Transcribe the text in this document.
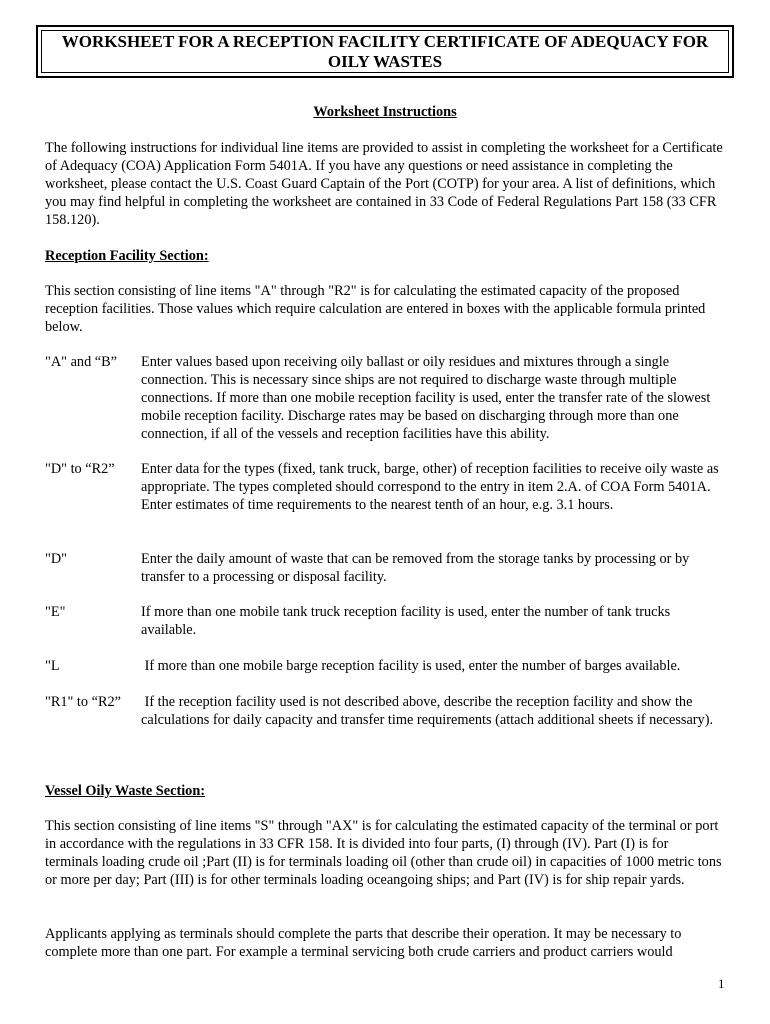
WORKSHEET FOR A RECEPTION FACILITY CERTIFICATE OF ADEQUACY FOR
OILY WASTES
Worksheet Instructions
The following instructions for individual line items are provided to assist in completing the worksheet for a Certificate of Adequacy (COA) Application Form 5401A. If you have any questions or need assistance in completing the worksheet, please contact the U.S. Coast Guard Captain of the Port (COTP) for your area. A list of definitions, which you may find helpful in completing the worksheet are contained in 33 Code of Federal Regulations Part 158 (33 CFR 158.120).
Reception Facility Section:
This section consisting of line items "A" through "R2" is for calculating the estimated capacity of the proposed reception facilities. Those values which require calculation are entered in boxes with the applicable formula printed below.
"A" and “B”	Enter values based upon receiving oily ballast or oily residues and mixtures through a single connection. This is necessary since ships are not required to discharge waste through multiple connections. If more than one mobile reception facility is used, enter the transfer rate of the slowest mobile reception facility. Discharge rates may be based on discharging through more than one connection, if all of the vessels and reception facilities have this ability.
"D" to “R2”	Enter data for the types (fixed, tank truck, barge, other) of reception facilities to receive oily waste as appropriate. The types completed should correspond to the entry in item 2.A. of COA Form 5401A. Enter estimates of time requirements to the nearest tenth of an hour, e.g. 3.1 hours.
"D"	Enter the daily amount of waste that can be removed from the storage tanks by processing or by transfer to a processing or disposal facility.
"E"	If more than one mobile tank truck reception facility is used, enter the number of tank trucks available.
"L	If more than one mobile barge reception facility is used, enter the number of barges available.
"R1" to “R2”	If the reception facility used is not described above, describe the reception facility and show the calculations for daily capacity and transfer time requirements (attach additional sheets if necessary).
Vessel Oily Waste Section:
This section consisting of line items "S" through "AX" is for calculating the estimated capacity of the terminal or port in accordance with the regulations in 33 CFR 158. It is divided into four parts, (I) through (IV). Part (I) is for terminals loading crude oil ;Part (II) is for terminals loading oil (other than crude oil) in capacities of 1000 metric tons or more per day; Part (III) is for other terminals loading oceangoing ships; and Part (IV) is for ship repair yards.
Applicants applying as terminals should complete the parts that describe their operation. It may be necessary to complete more than one part. For example a terminal servicing both crude carriers and product carriers would
1
